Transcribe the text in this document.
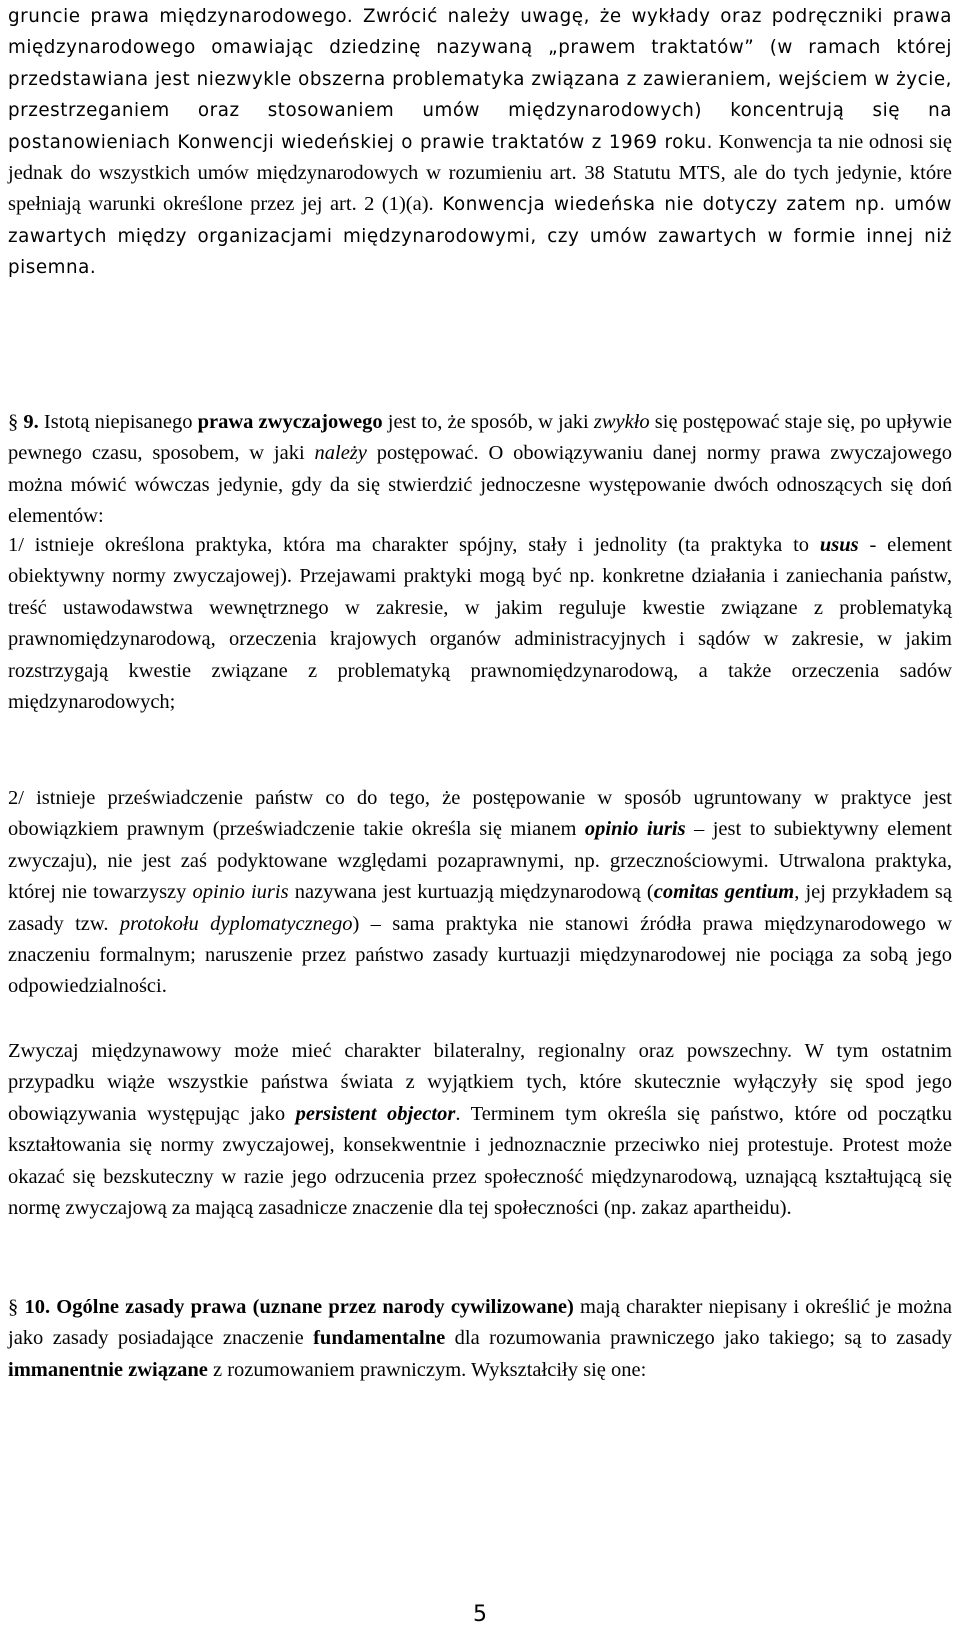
gruncie prawa międzynarodowego. Zwrócić należy uwagę, że wykłady oraz podręczniki prawa międzynarodowego omawiając dziedzinę nazywaną „prawem traktatów” (w ramach której przedstawiana jest niezwykle obszerna problematyka związana z zawieraniem, wejściem w życie, przestrzeganiem oraz stosowaniem umów międzynarodowych) koncentrują się na postanowieniach Konwencji wiedeńskiej o prawie traktatów z 1969 roku. Konwencja ta nie odnosi się jednak do wszystkich umów międzynarodowych w rozumieniu art. 38 Statutu MTS, ale do tych jedynie, które spełniają warunki określone przez jej art. 2 (1)(a). Konwencja wiedeńska nie dotyczy zatem np. umów zawartych między organizacjami międzynarodowymi, czy umów zawartych w formie innej niż pisemna.

§ 9. Istotą niepisanego prawa zwyczajowego jest to, że sposób, w jaki zwykło się postępować staje się, po upływie pewnego czasu, sposobem, w jaki należy postępować. O obowiązywaniu danej normy prawa zwyczajowego można mówić wówczas jedynie, gdy da się stwierdzić jednoczesne występowanie dwóch odnoszących się doń elementów:

1/ istnieje określona praktyka, która ma charakter spójny, stały i jednolity (ta praktyka to usus - element obiektywny normy zwyczajowej). Przejawami praktyki mogą być np. konkretne działania i zaniechania państw, treść ustawodawstwa wewnętrznego w zakresie, w jakim reguluje kwestie związane z problematyką prawnomiędzynarodową, orzeczenia krajowych organów administracyjnych i sądów w zakresie, w jakim rozstrzygają kwestie związane z problematyką prawnomiędzynarodową, a także orzeczenia sadów międzynarodowych;

2/ istnieje przeświadczenie państw co do tego, że postępowanie w sposób ugruntowany w praktyce jest obowiązkiem prawnym (przeświadczenie takie określa się mianem opinio iuris – jest to subiektywny element zwyczaju), nie jest zaś podyktowane względami pozaprawnymi, np. grzecznościowymi. Utrwalona praktyka, której nie towarzyszy opinio iuris nazywana jest kurtuazją międzynarodową (comitas gentium, jej przykładem są zasady tzw. protokołu dyplomatycznego) – sama praktyka nie stanowi źródła prawa międzynarodowego w znaczeniu formalnym; naruszenie przez państwo zasady kurtuazji międzynarodowej nie pociąga za sobą jego odpowiedzialności.

Zwyczaj międzynawowy może mieć charakter bilateralny, regionalny oraz powszechny. W tym ostatnim przypadku wiąże wszystkie państwa świata z wyjątkiem tych, które skutecznie wyłączyły się spod jego obowiązywania występując jako persistent objector. Terminem tym określa się państwo, które od początku kształtowania się normy zwyczajowej, konsekwentnie i jednoznacznie przeciwko niej protestuje. Protest może okazać się bezskuteczny w razie jego odrzucenia przez społeczność międzynarodową, uznającą kształtującą się normę zwyczajową za mającą zasadnicze znaczenie dla tej społeczności (np. zakaz apartheidu).

§ 10. Ogólne zasady prawa (uznane przez narody cywilizowane) mają charakter niepisany i określić je można jako zasady posiadające znaczenie fundamentalne dla rozumowania prawniczego jako takiego; są to zasady immanentnie związane z rozumowaniem prawniczym. Wykształciły się one:

5
